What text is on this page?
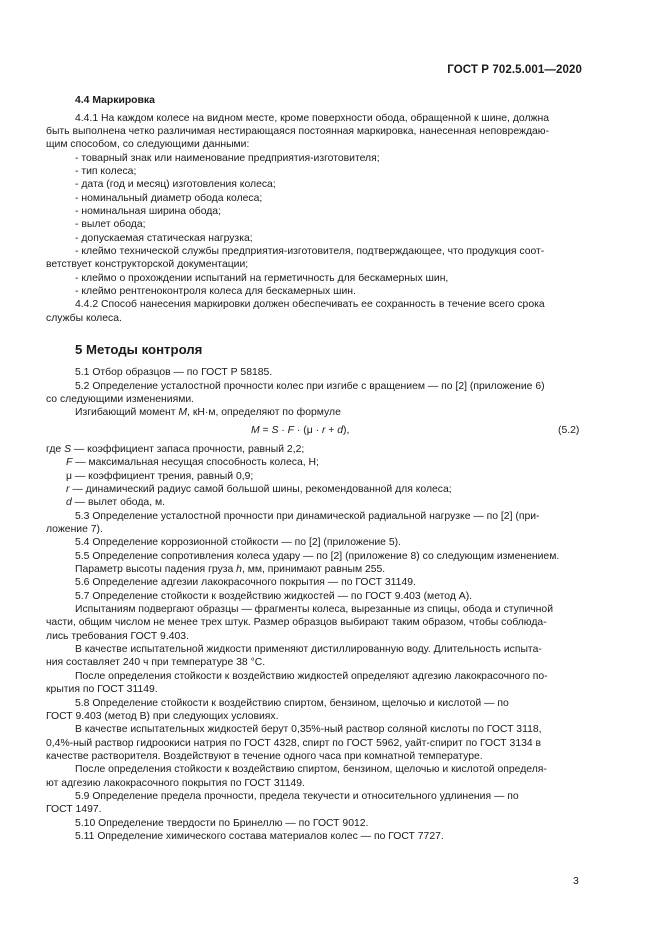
ГОСТ Р 702.5.001—2020
4.4 Маркировка
4.4.1 На каждом колесе на видном месте, кроме поверхности обода, обращенной к шине, должна
быть выполнена четко различимая нестирающаяся постоянная маркировка, нанесенная неповреждаю-
щим способом, со следующими данными:
- товарный знак или наименование предприятия-изготовителя;
- тип колеса;
- дата (год и месяц) изготовления колеса;
- номинальный диаметр обода колеса;
- номинальная ширина обода;
- вылет обода;
- допускаемая статическая нагрузка;
- клеймо технической службы предприятия-изготовителя, подтверждающее, что продукция соот-
ветствует конструкторской документации;
- клеймо о прохождении испытаний на герметичность для бескамерных шин,
- клеймо рентгеноконтроля колеса для бескамерных шин.
4.4.2 Способ нанесения маркировки должен обеспечивать ее сохранность в течение всего срока
службы колеса.
5 Методы контроля
5.1 Отбор образцов — по ГОСТ Р 58185.
5.2 Определение усталостной прочности колес при изгибе с вращением — по [2] (приложение 6)
со следующими изменениями.
Изгибающий момент M, кН·м, определяют по формуле
M = S · F · (μ · r + d),	(5.2)
где S — коэффициент запаса прочности, равный 2,2;
F — максимальная несущая способность колеса, Н;
μ — коэффициент трения, равный 0,9;
r — динамический радиус самой большой шины, рекомендованной для колеса;
d — вылет обода, м.
5.3 Определение усталостной прочности при динамической радиальной нагрузке — по [2] (при-
ложение 7).
5.4 Определение коррозионной стойкости — по [2] (приложение 5).
5.5 Определение сопротивления колеса удару — по [2] (приложение 8) со следующим изменением.
Параметр высоты падения груза h, мм, принимают равным 255.
5.6 Определение адгезии лакокрасочного покрытия — по ГОСТ 31149.
5.7 Определение стойкости к воздействию жидкостей — по ГОСТ 9.403 (метод А).
Испытаниям подвергают образцы — фрагменты колеса, вырезанные из спицы, обода и ступичной
части, общим числом не менее трех штук. Размер образцов выбирают таким образом, чтобы соблюда-
лись требования ГОСТ 9.403.
В качестве испытательной жидкости применяют дистиллированную воду. Длительность испыта-
ния составляет 240 ч при температуре 38 °С.
После определения стойкости к воздействию жидкостей определяют адгезию лакокрасочного по-
крытия по ГОСТ 31149.
5.8 Определение стойкости к воздействию спиртом, бензином, щелочью и кислотой — по
ГОСТ 9.403 (метод В) при следующих условиях.
В качестве испытательных жидкостей берут 0,35%-ный раствор соляной кислоты по ГОСТ 3118,
0,4%-ный раствор гидроокиси натрия по ГОСТ 4328, спирт по ГОСТ 5962, уайт-спирит по ГОСТ 3134 в
качестве растворителя. Воздействуют в течение одного часа при комнатной температуре.
После определения стойкости к воздействию спиртом, бензином, щелочью и кислотой определя-
ют адгезию лакокрасочного покрытия по ГОСТ 31149.
5.9 Определение предела прочности, предела текучести и относительного удлинения — по
ГОСТ 1497.
5.10 Определение твердости по Бринеллю — по ГОСТ 9012.
5.11 Определение химического состава материалов колес — по ГОСТ 7727.
3
